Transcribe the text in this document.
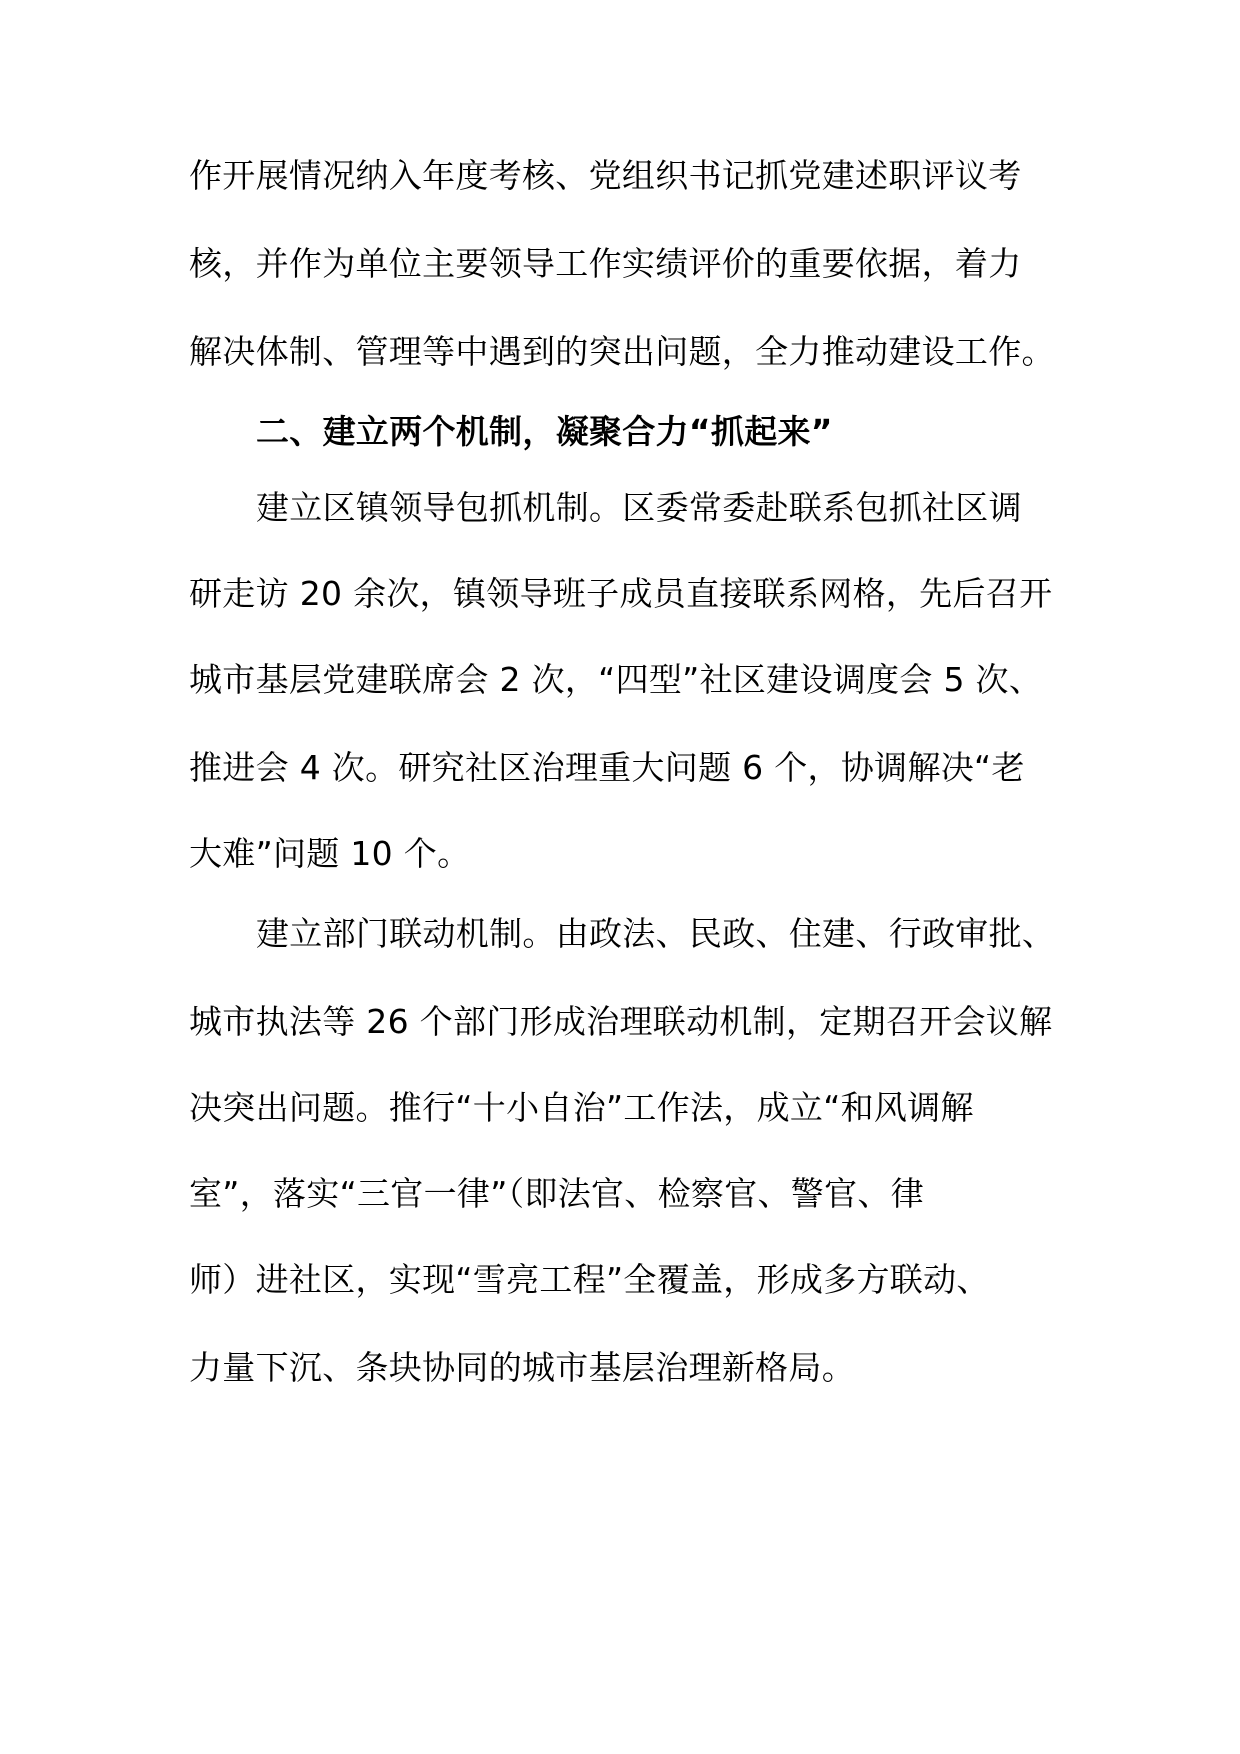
作开展情况纳入年度考核、党组织书记抓党建述职评议考
核，并作为单位主要领导工作实绩评价的重要依据，着力
解决体制、管理等中遇到的突出问题，全力推动建设工作。
二、建立两个机制，凝聚合力“抓起来”
建立区镇领导包抓机制。区委常委赴联系包抓社区调
研走访 20 余次，镇领导班子成员直接联系网格，先后召开
城市基层党建联席会 2 次，“四型”社区建设调度会 5 次、
推进会 4 次。研究社区治理重大问题 6 个，协调解决“老
大难”问题 10 个。
建立部门联动机制。由政法、民政、住建、行政审批、
城市执法等 26 个部门形成治理联动机制，定期召开会议解
决突出问题。推行“十小自治”工作法，成立“和风调解
室”，落实“三官一律”（即法官、检察官、警官、律
师）进社区，实现“雪亮工程”全覆盖，形成多方联动、
力量下沉、条块协同的城市基层治理新格局。
